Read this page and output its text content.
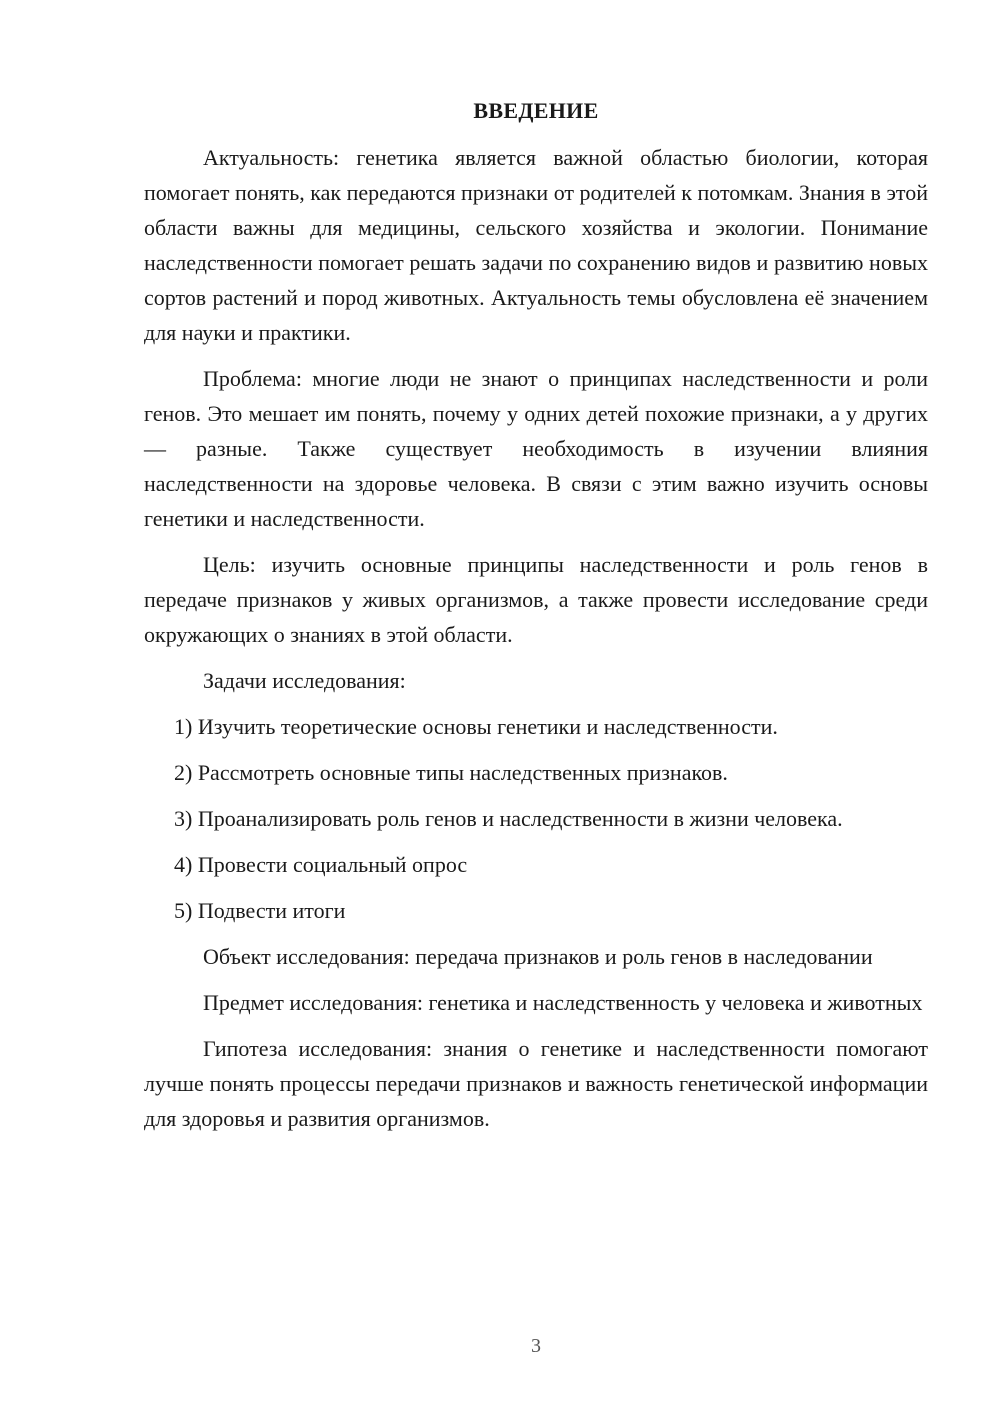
ВВЕДЕНИЕ

Актуальность: генетика является важной областью биологии, которая помогает понять, как передаются признаки от родителей к потомкам. Знания в этой области важны для медицины, сельского хозяйства и экологии. Понимание наследственности помогает решать задачи по сохранению видов и развитию новых сортов растений и пород животных. Актуальность темы обусловлена её значением для науки и практики.

Проблема: многие люди не знают о принципах наследственности и роли генов. Это мешает им понять, почему у одних детей похожие признаки, а у других — разные. Также существует необходимость в изучении влияния наследственности на здоровье человека. В связи с этим важно изучить основы генетики и наследственности.

Цель: изучить основные принципы наследственности и роль генов в передаче признаков у живых организмов, а также провести исследование среди окружающих о знаниях в этой области.

Задачи исследования:

1) Изучить теоретические основы генетики и наследственности.

2) Рассмотреть основные типы наследственных признаков.

3) Проанализировать роль генов и наследственности в жизни человека.

4) Провести социальный опрос

5) Подвести итоги

Объект исследования: передача признаков и роль генов в наследовании

Предмет исследования: генетика и наследственность у человека и животных

Гипотеза исследования: знания о генетике и наследственности помогают лучше понять процессы передачи признаков и важность генетической информации для здоровья и развития организмов.

3
